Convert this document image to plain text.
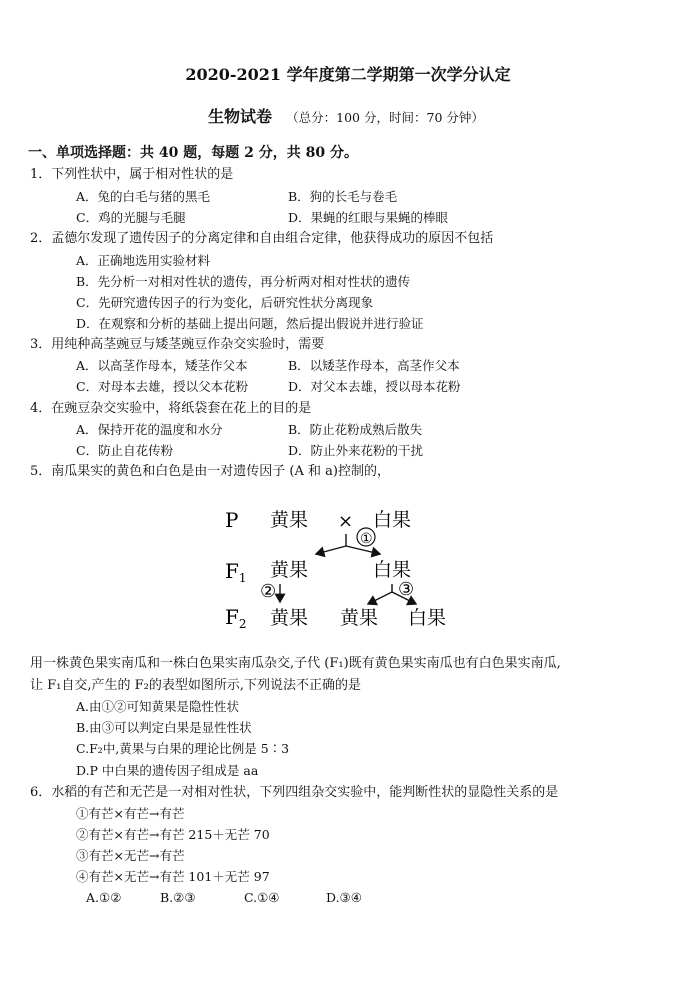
2020-2021 学年度第二学期第一次学分认定
生物试卷 （总分：100 分，时间：70 分钟）
一、单项选择题：共 40 题，每题 2 分，共 80 分。
1．下列性状中，属于相对性状的是
A．兔的白毛与猪的黑毛	B．狗的长毛与卷毛
C．鸡的光腿与毛腿	D．果蝇的红眼与果蝇的棒眼
2．孟德尔发现了遗传因子的分离定律和自由组合定律，他获得成功的原因不包括
A．正确地选用实验材料
B．先分析一对相对性状的遗传，再分析两对相对性状的遗传
C．先研究遗传因子的行为变化，后研究性状分离现象
D．在观察和分析的基础上提出问题，然后提出假说并进行验证
3．用纯种高茎豌豆与矮茎豌豆作杂交实验时，需要
A．以高茎作母本，矮茎作父本	B．以矮茎作母本，高茎作父本
C．对母本去雄，授以父本花粉	D．对父本去雄，授以母本花粉
4．在豌豆杂交实验中，将纸袋套在花上的目的是
A．保持开花的温度和水分	B．防止花粉成熟后散失
C．防止自花传粉	D．防止外来花粉的干扰
5．南瓜果实的黄色和白色是由一对遗传因子 (A 和 a)控制的，
P
$F_1$
$F_2$
黄果 × 白果
黄果	白果
黄果 黄果 白果
①
②	③
用一株黄色果实南瓜和一株白色果实南瓜杂交,子代 (F₁)既有黄色果实南瓜也有白色果实南瓜,
让 F₁自交,产生的 F₂的表型如图所示,下列说法不正确的是
A.由①②可知黄果是隐性性状
B.由③可以判定白果是显性性状
C.F₂中,黄果与白果的理论比例是 5∶3
D.P 中白果的遗传因子组成是 aa
6．水稻的有芒和无芒是一对相对性状，下列四组杂交实验中，能判断性状的显隐性关系的是
①有芒×有芒→有芒
②有芒×有芒→有芒 215＋无芒 70
③有芒×无芒→有芒
④有芒×无芒→有芒 101＋无芒 97
A.①②	B.②③	C.①④	D.③④
